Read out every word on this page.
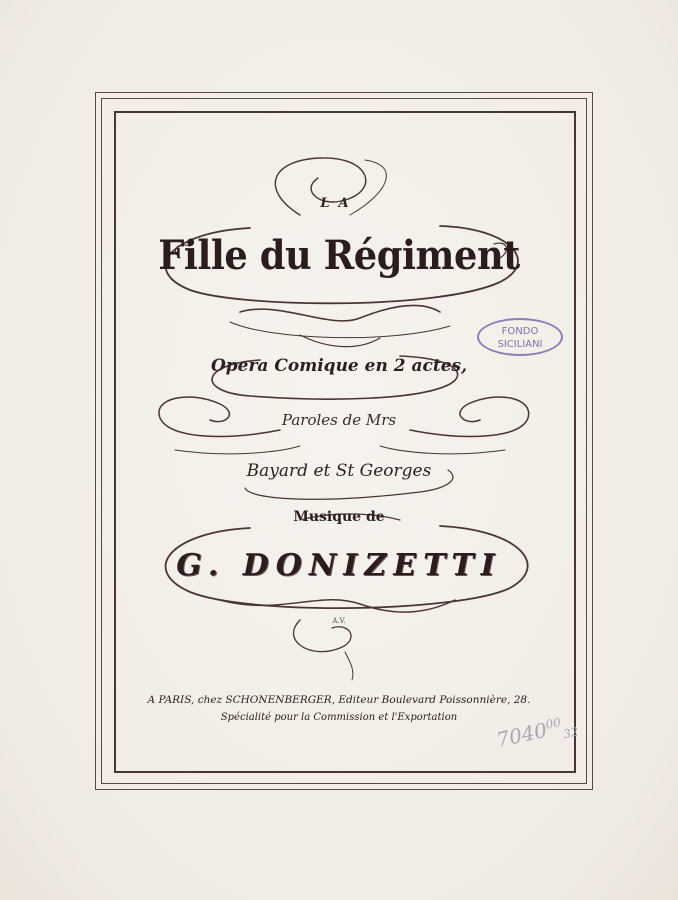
LA
Fille du Régiment
Opera Comique en 2 actes,
Paroles de Mrs
Bayard et St Georges
Musique de
G. DONIZETTI
A.V.
A PARIS, chez SCHONENBERGER, Editeur Boulevard Poissonnière, 28.
Spécialité pour la Commission et l'Exportation
FONDO
SICILIANI
$7040^{00}_{32}$
